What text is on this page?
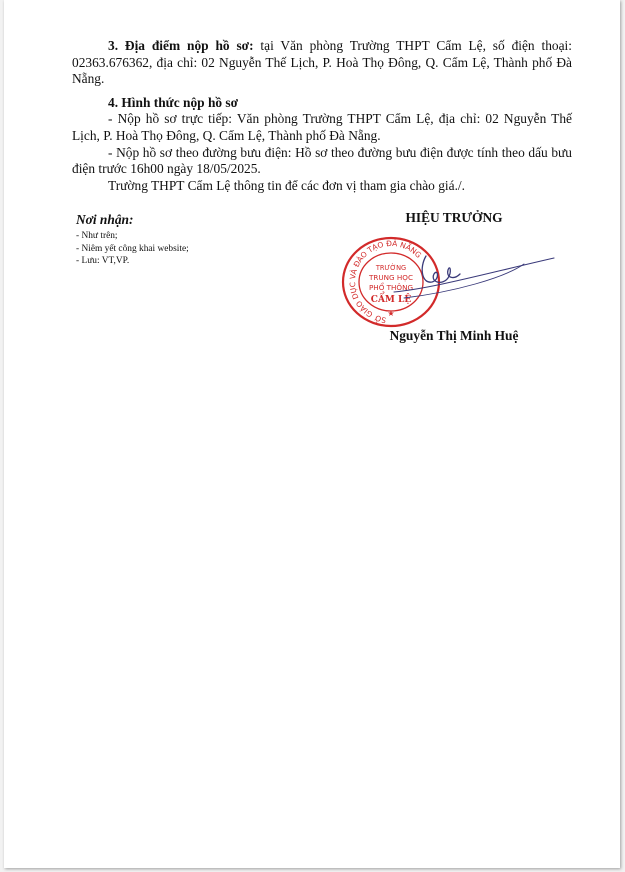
3. Địa điểm nộp hồ sơ: tại Văn phòng Trường THPT Cẩm Lệ, số điện thoại: 02363.676362, địa chỉ: 02 Nguyễn Thế Lịch, P. Hoà Thọ Đông, Q. Cẩm Lệ, Thành phố Đà Nẵng.

4. Hình thức nộp hồ sơ

- Nộp hồ sơ trực tiếp: Văn phòng Trường THPT Cẩm Lệ, địa chỉ: 02 Nguyễn Thế Lịch, P. Hoà Thọ Đông, Q. Cẩm Lệ, Thành phố Đà Nẵng.

- Nộp hồ sơ theo đường bưu điện: Hồ sơ theo đường bưu điện được tính theo dấu bưu điện trước 16h00 ngày 18/05/2025.

Trường THPT Cẩm Lệ thông tin để các đơn vị tham gia chào giá./.

Nơi nhận:

- Như trên;

- Niêm yết công khai website;

- Lưu: VT,VP.

HIỆU TRƯỞNG
SỞ GIÁO DỤC VÀ ĐÀO TẠO ĐÀ NẴNG
TRƯỜNG
TRUNG HỌC
PHỔ THÔNG
CẨM LỆ
★
Nguyễn Thị Minh Huệ
